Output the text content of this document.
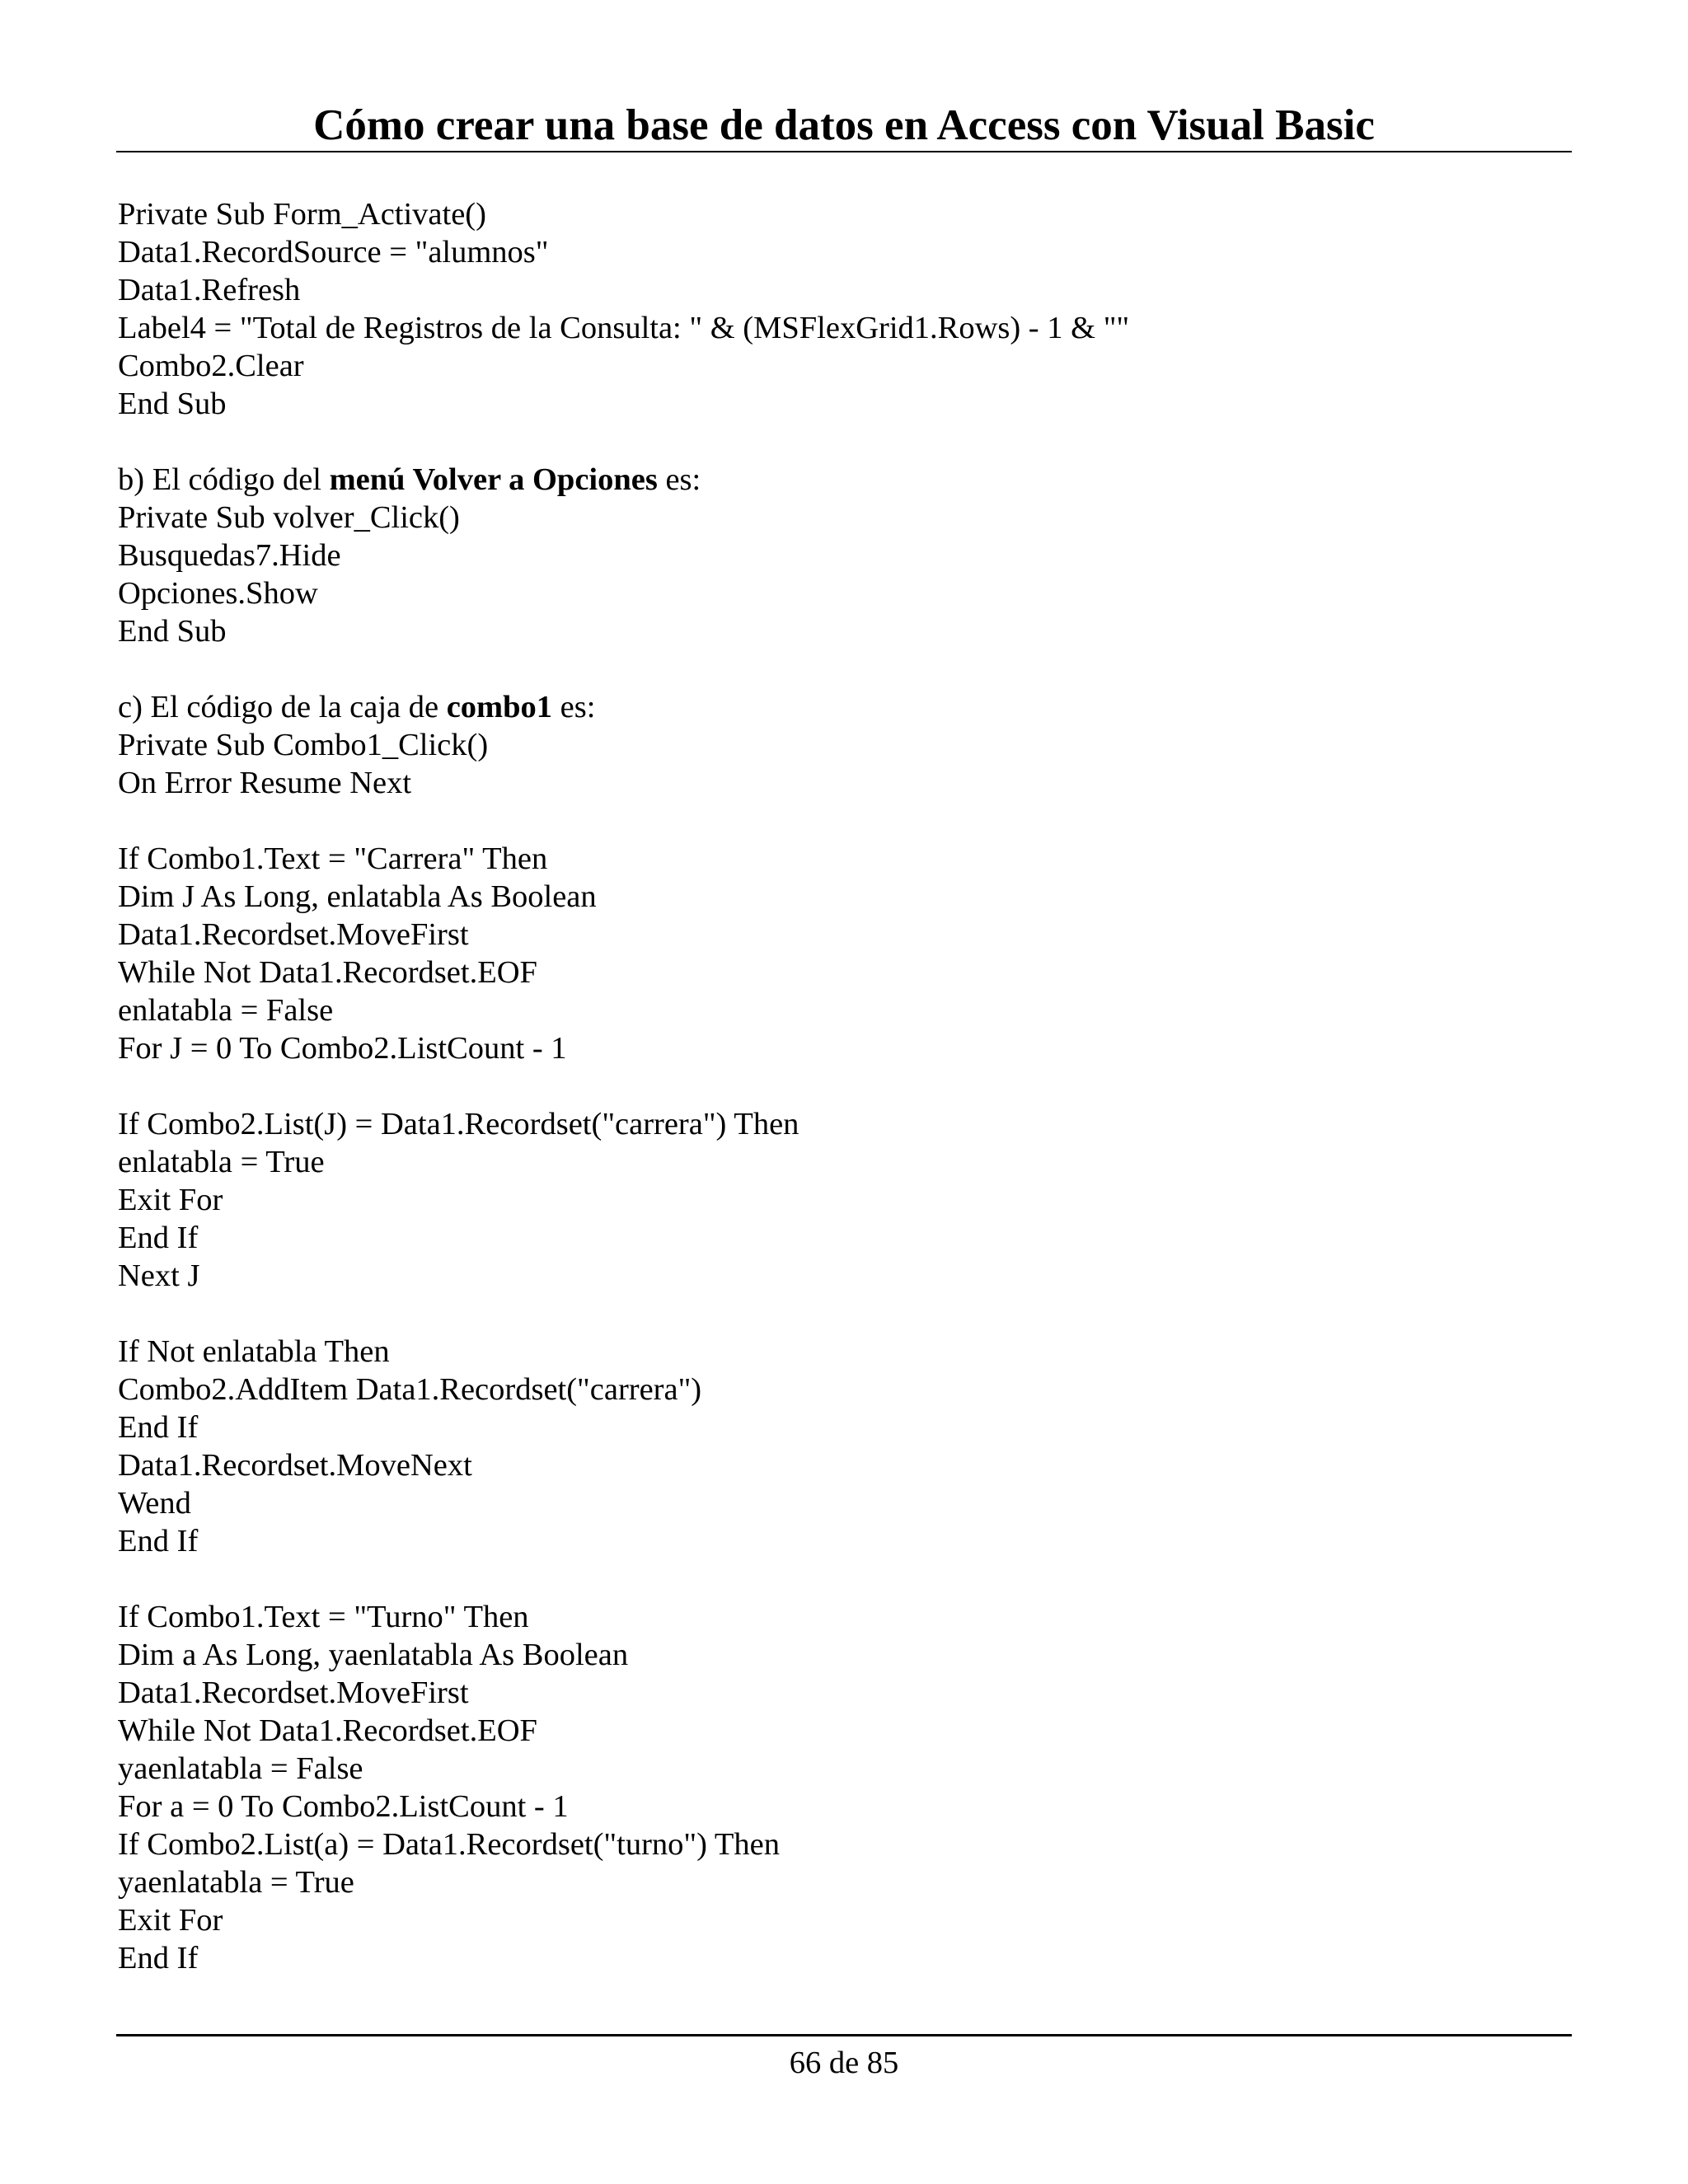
Cómo crear una base de datos en Access con Visual Basic
Private Sub Form_Activate()
Data1.RecordSource = "alumnos"
Data1.Refresh
Label4 = "Total de Registros de la Consulta: " & (MSFlexGrid1.Rows) - 1 & ""
Combo2.Clear
End Sub
b) El código del menú Volver a Opciones es:
Private Sub volver_Click()
Busquedas7.Hide
Opciones.Show
End Sub
c) El código de la caja de combo1 es:
Private Sub Combo1_Click()
On Error Resume Next
If Combo1.Text = "Carrera" Then
Dim J As Long, enlatabla As Boolean
Data1.Recordset.MoveFirst
While Not Data1.Recordset.EOF
enlatabla = False
For J = 0 To Combo2.ListCount - 1
If Combo2.List(J) = Data1.Recordset("carrera") Then
enlatabla = True
Exit For
End If
Next J
If Not enlatabla Then
Combo2.AddItem Data1.Recordset("carrera")
End If
Data1.Recordset.MoveNext
Wend
End If
If Combo1.Text = "Turno" Then
Dim a As Long, yaenlatabla As Boolean
Data1.Recordset.MoveFirst
While Not Data1.Recordset.EOF
yaenlatabla = False
For a = 0 To Combo2.ListCount - 1
If Combo2.List(a) = Data1.Recordset("turno") Then
yaenlatabla = True
Exit For
End If
66 de 85
